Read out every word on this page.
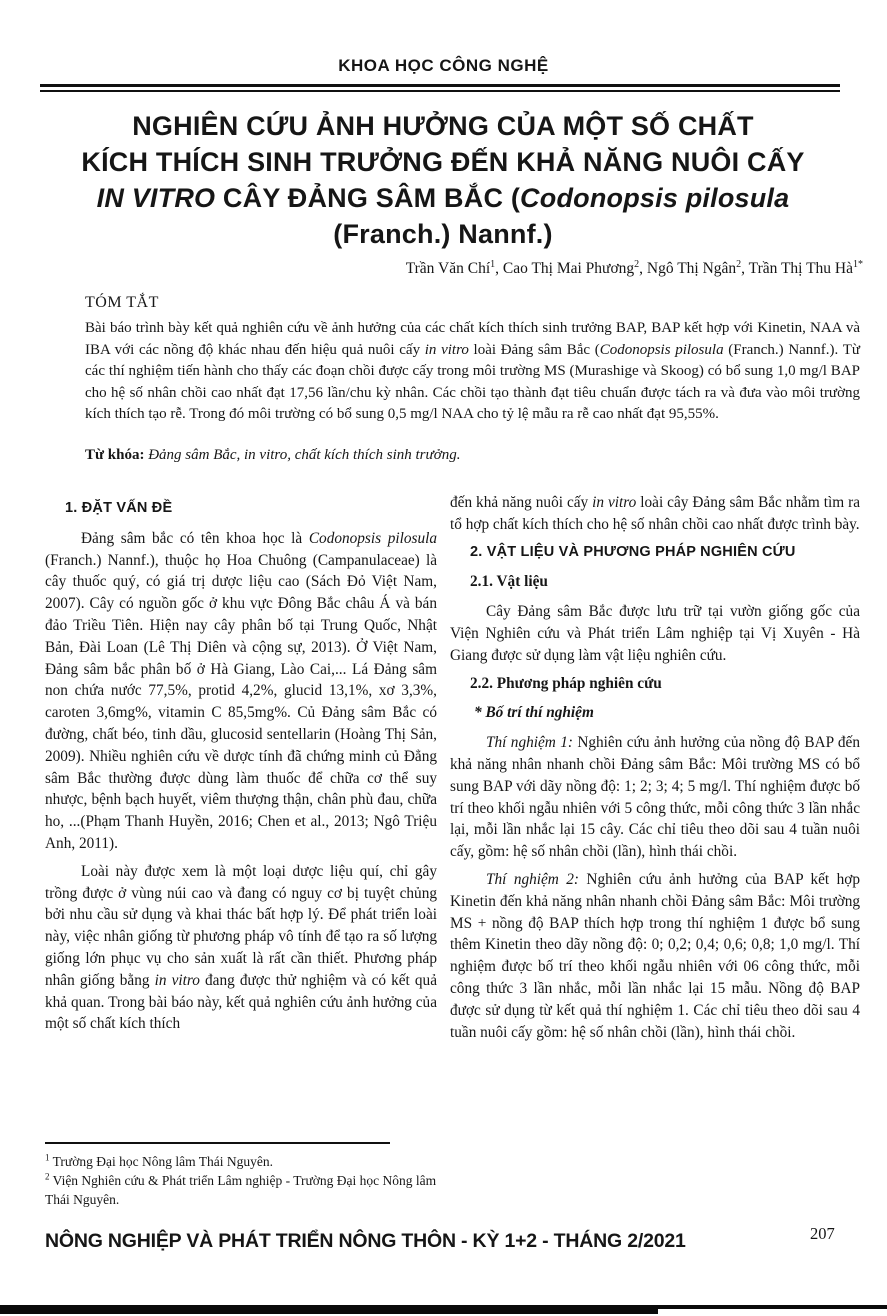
KHOA HỌC CÔNG NGHỆ
NGHIÊN CỨU ẢNH HƯỞNG CỦA MỘT SỐ CHẤT
KÍCH THÍCH SINH TRƯỞNG ĐẾN KHẢ NĂNG NUÔI CẤY
IN VITRO CÂY ĐẢNG SÂM BẮC (Codonopsis pilosula
(Franch.) Nannf.)
Trần Văn Chí$^1$, Cao Thị Mai Phương$^2$, Ngô Thị Ngân$^2$, Trần Thị Thu $Hà^{1*}$
TÓM TẮT
Bài báo trình bày kết quả nghiên cứu về ảnh hưởng của các chất kích thích sinh trưởng BAP, BAP kết hợp với Kinetin, NAA và IBA với các nồng độ khác nhau đến hiệu quả nuôi cấy in vitro loài Đảng sâm Bắc (Codonopsis pilosula (Franch.) Nannf.). Từ các thí nghiệm tiến hành cho thấy các đoạn chồi được cấy trong môi trường MS (Murashige và Skoog) có bổ sung 1,0 mg/l BAP cho hệ số nhân chồi cao nhất đạt 17,56 lần/chu kỳ nhân. Các chồi tạo thành đạt tiêu chuẩn được tách ra và đưa vào môi trường kích thích tạo rễ. Trong đó môi trường có bổ sung 0,5 mg/l NAA cho tỷ lệ mẫu ra rễ cao nhất đạt 95,55%.
Từ khóa: Đảng sâm Bắc, in vitro, chất kích thích sinh trưởng.
1. ĐẶT VẤN ĐỀ

Đảng sâm bắc có tên khoa học là Codonopsis pilosula (Franch.) Nannf.), thuộc họ Hoa Chuông (Campanulaceae) là cây thuốc quý, có giá trị dược liệu cao (Sách Đỏ Việt Nam, 2007). Cây có nguồn gốc ở khu vực Đông Bắc châu Á và bán đảo Triều Tiên. Hiện nay cây phân bố tại Trung Quốc, Nhật Bản, Đài Loan (Lê Thị Diên và cộng sự, 2013). Ở Việt Nam, Đảng sâm bắc phân bố ở Hà Giang, Lào Cai,... Lá Đảng sâm non chứa nước 77,5%, protid 4,2%, glucid 13,1%, xơ 3,3%, caroten 3,6mg%, vitamin C 85,5mg%. Củ Đảng sâm Bắc có đường, chất béo, tinh dầu, glucosid sentellarin (Hoàng Thị Sản, 2009). Nhiều nghiên cứu về dược tính đã chứng minh củ Đẳng sâm Bắc thường được dùng làm thuốc để chữa cơ thể suy nhược, bệnh bạch huyết, viêm thượng thận, chân phù đau, chữa ho, ...(Phạm Thanh Huyền, 2016; Chen et al., 2013; Ngô Triệu Anh, 2011).

Loài này được xem là một loại dược liệu quí, chỉ gây trồng được ở vùng núi cao và đang có nguy cơ bị tuyệt chủng bởi nhu cầu sử dụng và khai thác bất hợp lý. Để phát triển loài này, việc nhân giống từ phương pháp vô tính để tạo ra số lượng giống lớn phục vụ cho sản xuất là rất cần thiết. Phương pháp nhân giống bằng in vitro đang được thử nghiệm và có kết quả khả quan. Trong bài báo này, kết quả nghiên cứu ảnh hưởng của một số chất kích thích

đến khả năng nuôi cấy in vitro loài cây Đảng sâm Bắc nhằm tìm ra tổ hợp chất kích thích cho hệ số nhân chồi cao nhất được trình bày.

2. VẬT LIỆU VÀ PHƯƠNG PHÁP NGHIÊN CỨU
2.1. Vật liệu

Cây Đảng sâm Bắc được lưu trữ tại vườn giống gốc của Viện Nghiên cứu và Phát triển Lâm nghiệp tại Vị Xuyên - Hà Giang được sử dụng làm vật liệu nghiên cứu.

2.2. Phương pháp nghiên cứu
* Bố trí thí nghiệm

Thí nghiệm 1: Nghiên cứu ảnh hưởng của nồng độ BAP đến khả năng nhân nhanh chồi Đảng sâm Bắc: Môi trường MS có bổ sung BAP với dãy nồng độ: 1; 2; 3; 4; 5 mg/l. Thí nghiệm được bố trí theo khối ngẫu nhiên với 5 công thức, mỗi công thức 3 lần nhắc lại, mỗi lần nhắc lại 15 cây. Các chỉ tiêu theo dõi sau 4 tuần nuôi cấy, gồm: hệ số nhân chồi (lần), hình thái chồi.

Thí nghiệm 2: Nghiên cứu ảnh hưởng của BAP kết hợp Kinetin đến khả năng nhân nhanh chồi Đảng sâm Bắc: Môi trường MS + nồng độ BAP thích hợp trong thí nghiệm 1 được bổ sung thêm Kinetin theo dãy nồng độ: 0; 0,2; 0,4; 0,6; 0,8; 1,0 mg/l. Thí nghiệm được bố trí theo khối ngẫu nhiên với 06 công thức, mỗi công thức 3 lần nhắc, mỗi lần nhắc lại 15 mẫu. Nồng độ BAP được sử dụng từ kết quả thí nghiệm 1. Các chỉ tiêu theo dõi sau 4 tuần nuôi cấy gồm: hệ số nhân chồi (lần), hình thái chồi.

$^1$ Trường Đại học Nông lâm Thái Nguyên.
$^2$ Viện Nghiên cứu & Phát triển Lâm nghiệp - Trường Đại học Nông lâm Thái Nguyên.
NÔNG NGHIỆP VÀ PHÁT TRIỂN NÔNG THÔN - KỲ 1+2 - THÁNG 2/2021	207
